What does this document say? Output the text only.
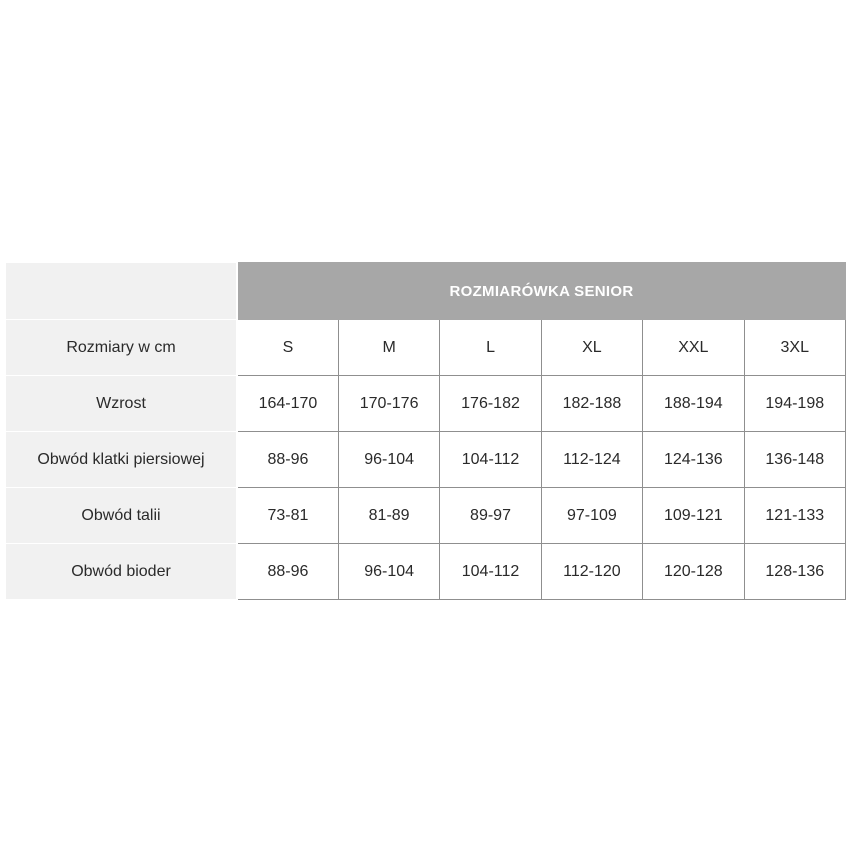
	ROZMIARÓWKA SENIOR					
Rozmiary w cm	S	M	L	XL	XXL	3XL
Wzrost	164-170	170-176	176-182	182-188	188-194	194-198
Obwód klatki piersiowej	88-96	96-104	104-112	112-124	124-136	136-148
Obwód talii	73-81	81-89	89-97	97-109	109-121	121-133
Obwód bioder	88-96	96-104	104-112	112-120	120-128	128-136
